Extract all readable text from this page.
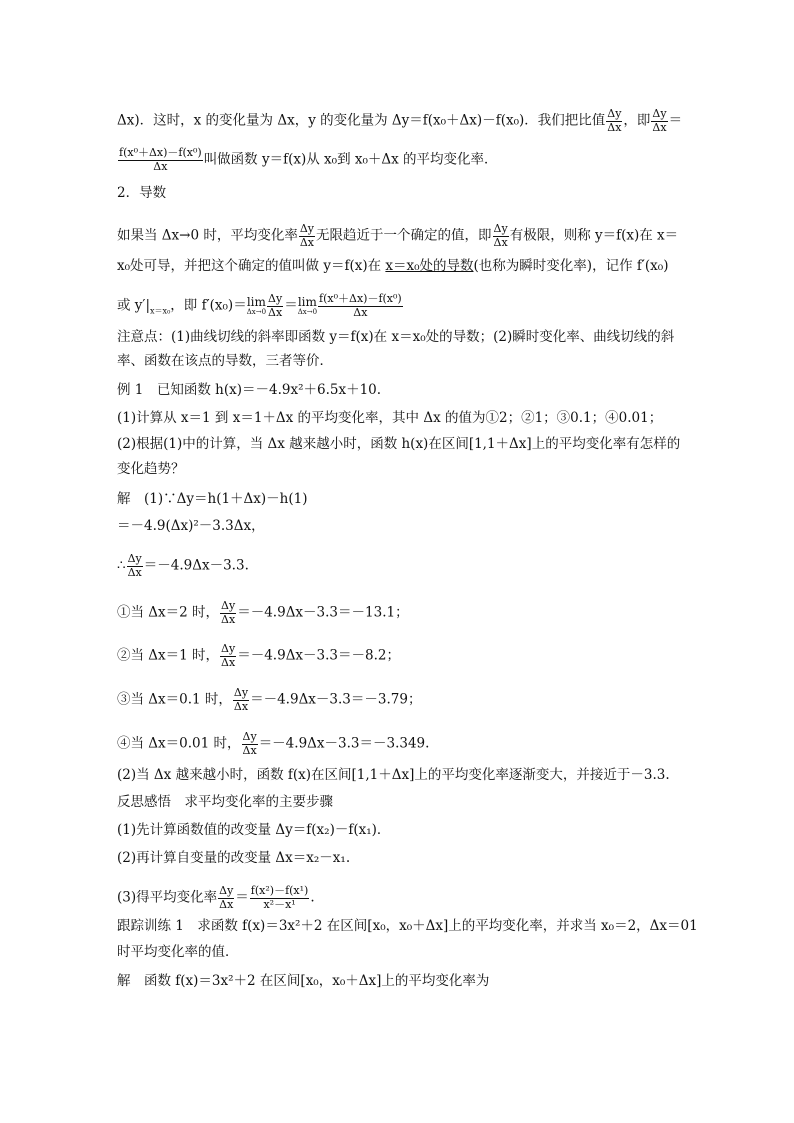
Δx)．这时，x 的变化量为 Δx，y 的变化量为 Δy＝f(x₀＋Δx)－f(x₀)．我们把比值 $\frac{\Delta y}{\Delta x}$ ，即 $\frac{\Delta y}{\Delta x}$ ＝
$\frac{\text{f(x⁰＋Δx)－f(x⁰)}}{\Delta x}$ 叫做函数 y＝f(x)从 x₀到 x₀＋Δx 的平均变化率．
2．导数
如果当 Δx→0 时，平均变化率 $\frac{\Delta y}{\Delta x}$ 无限趋近于一个确定的值，即 $\frac{\Delta y}{\Delta x}$ 有极限，则称 y＝f(x)在 x＝
x₀处可导，并把这个确定的值叫做 y＝f(x)在 x＝x₀处的导数(也称为瞬时变化率)，记作 f′(x₀)
或 $y'|_{x=x_0}$，即 f′(x₀)＝ lim
$\Delta x\to 0 \frac{\Delta y}{\Delta x} = \lim$
$\Delta x\to 0 \frac{\text{f(x⁰＋Δx)－f(x⁰)}}{\Delta x}$
注意点：(1)曲线切线的斜率即函数 y＝f(x)在 x＝x₀处的导数；(2)瞬时变化率、曲线切线的斜
率、函数在该点的导数，三者等价．
例 1　已知函数 h(x)＝－4.9x²＋6.5x＋10.
(1)计算从 x＝1 到 x＝1＋Δx 的平均变化率，其中 Δx 的值为①2；②1；③0.1；④0.01；
(2)根据(1)中的计算，当 Δx 越来越小时，函数 h(x)在区间[1,1＋Δx]上的平均变化率有怎样的
变化趋势？
解　(1)∵Δy＝h(1＋Δx)－h(1)
＝－4.9(Δx)²－3.3Δx，
∴ $\frac{\Delta y}{\Delta x} =-4.9\Delta x-3.3$.
①当 Δx＝2 时， $\frac{\Delta y}{\Delta x} =-4.9\Delta x-3.3=-13.1$；
②当 Δx＝1 时， $\frac{\Delta y}{\Delta x} =-4.9\Delta x-3.3=-8.2$；
③当 Δx＝0.1 时， $\frac{\Delta y}{\Delta x} =-4.9\Delta x-3.3=-3.79$；
④当 Δx＝0.01 时， $\frac{\Delta y}{\Delta x} =-4.9\Delta x-3.3=-3.349$.
(2)当 Δx 越来越小时，函数 f(x)在区间[1,1＋Δx]上的平均变化率逐渐变大，并接近于－3.3.
反思感悟　求平均变化率的主要步骤
(1)先计算函数值的改变量 Δy＝f(x₂)－f(x₁)．
(2)再计算自变量的改变量 Δx＝x₂－x₁.
(3)得平均变化率 $\frac{\Delta y}{\Delta x} = \frac{\text{f(x²)－f(x¹)}}{\text{x²－x¹}}$ .
跟踪训练 1　求函数 f(x)＝3x²＋2 在区间[x₀，x₀＋Δx]上的平均变化率，并求当 x₀＝2，Δx＝01
时平均变化率的值．
解　函数 f(x)＝3x²＋2 在区间[x₀，x₀＋Δx]上的平均变化率为
